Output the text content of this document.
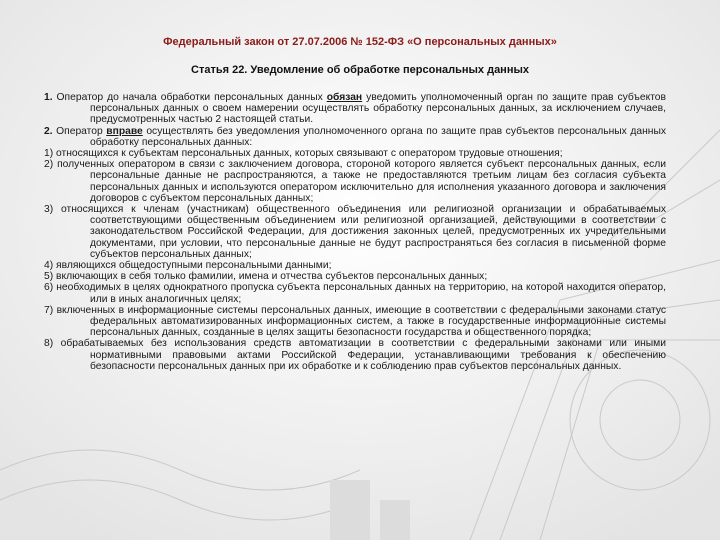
Федеральный закон от 27.07.2006 № 152-ФЗ «О персональных данных»
Статья 22. Уведомление об обработке персональных данных

1. Оператор до начала обработки персональных данных обязан уведомить уполномоченный орган по защите прав субъектов персональных данных о своем намерении осуществлять обработку персональных данных, за исключением случаев, предусмотренных частью 2 настоящей статьи.

2. Оператор вправе осуществлять без уведомления уполномоченного органа по защите прав субъектов персональных данных обработку персональных данных:

1) относящихся к субъектам персональных данных, которых связывают с оператором трудовые отношения;

2) полученных оператором в связи с заключением договора, стороной которого является субъект персональных данных, если персональные данные не распространяются, а также не предоставляются третьим лицам без согласия субъекта персональных данных и используются оператором исключительно для исполнения указанного договора и заключения договоров с субъектом персональных данных;

3) относящихся к членам (участникам) общественного объединения или религиозной организации и обрабатываемых соответствующими общественным объединением или религиозной организацией, действующими в соответствии с законодательством Российской Федерации, для достижения законных целей, предусмотренных их учредительными документами, при условии, что персональные данные не будут распространяться без согласия в письменной форме субъектов персональных данных;

4) являющихся общедоступными персональными данными;

5) включающих в себя только фамилии, имена и отчества субъектов персональных данных;

6) необходимых в целях однократного пропуска субъекта персональных данных на территорию, на которой находится оператор, или в иных аналогичных целях;

7) включенных в информационные системы персональных данных, имеющие в соответствии с федеральными законами статус федеральных автоматизированных информационных систем, а также в государственные информационные системы персональных данных, созданные в целях защиты безопасности государства и общественного порядка;

8) обрабатываемых без использования средств автоматизации в соответствии с федеральными законами или иными нормативными правовыми актами Российской Федерации, устанавливающими требования к обеспечению безопасности персональных данных при их обработке и к соблюдению прав субъектов персональных данных.
